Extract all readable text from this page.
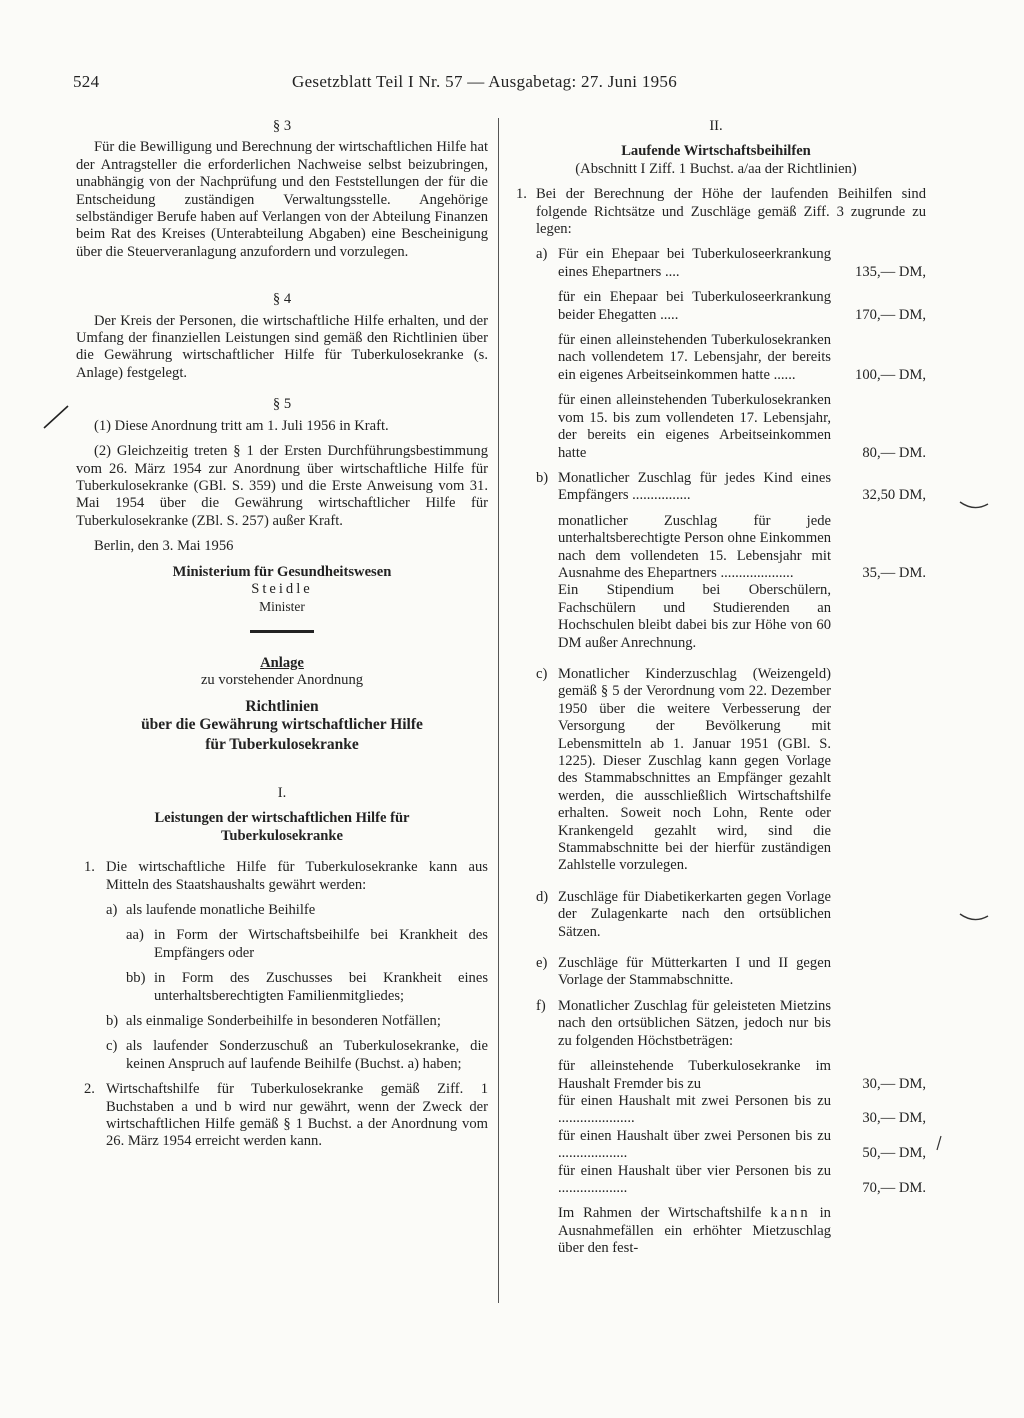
524	Gesetzblatt Teil I Nr. 57 — Ausgabetag: 27. Juni 1956

§ 3

Für die Bewilligung und Berechnung der wirtschaftlichen Hilfe hat der Antragsteller die erforderlichen Nachweise selbst beizubringen, unabhängig von der Nachprüfung und den Feststellungen der für die Entscheidung zuständigen Verwaltungsstelle. Angehörige selbständiger Berufe haben auf Verlangen von der Abteilung Finanzen beim Rat des Kreises (Unterabteilung Abgaben) eine Bescheinigung über die Steuerveranlagung anzufordern und vorzulegen.

§ 4

Der Kreis der Personen, die wirtschaftliche Hilfe erhalten, und der Umfang der finanziellen Leistungen sind gemäß den Richtlinien über die Gewährung wirtschaftlicher Hilfe für Tuberkulosekranke (s. Anlage) festgelegt.

§ 5

(1) Diese Anordnung tritt am 1. Juli 1956 in Kraft.

(2) Gleichzeitig treten § 1 der Ersten Durchführungsbestimmung vom 26. März 1954 zur Anordnung über wirtschaftliche Hilfe für Tuberkulosekranke (GBl. S. 359) und die Erste Anweisung vom 31. Mai 1954 über die Gewährung wirtschaftlicher Hilfe für Tuberkulosekranke (ZBl. S. 257) außer Kraft.

Berlin, den 3. Mai 1956

Ministerium für Gesundheitswesen

Steidle

Minister

Anlage

zu vorstehender Anordnung

Richtlinien

über die Gewährung wirtschaftlicher Hilfe

für Tuberkulosekranke

I.

Leistungen der wirtschaftlichen Hilfe für

Tuberkulosekranke

1. Die wirtschaftliche Hilfe für Tuberkulosekranke kann aus Mitteln des Staatshaushalts gewährt werden:
a) als laufende monatliche Beihilfe
aa) in Form der Wirtschaftsbeihilfe bei Krankheit des Empfängers oder
bb) in Form des Zuschusses bei Krankheit eines unterhaltsberechtigten Familienmitgliedes;
b) als einmalige Sonderbeihilfe in besonderen Notfällen;
c) als laufender Sonderzuschuß an Tuberkulosekranke, die keinen Anspruch auf laufende Beihilfe (Buchst. a) haben;
2. Wirtschaftshilfe für Tuberkulosekranke gemäß Ziff. 1 Buchstaben a und b wird nur gewährt, wenn der Zweck der wirtschaftlichen Hilfe gemäß § 1 Buchst. a der Anordnung vom 26. März 1954 erreicht werden kann.

II.

Laufende Wirtschaftsbeihilfen

(Abschnitt I Ziff. 1 Buchst. a/aa der Richtlinien)

1. Bei der Berechnung der Höhe der laufenden Beihilfen sind folgende Richtsätze und Zuschläge gemäß Ziff. 3 zugrunde zu legen:
a) Für ein Ehepaar bei Tuberkuloseerkrankung eines Ehepartners ....	135,— DM,
für ein Ehepaar bei Tuberkuloseerkrankung beider Ehegatten .....	170,— DM,
für einen alleinstehenden Tuberkulosekranken nach vollendetem 17. Lebensjahr, der bereits ein eigenes Arbeitseinkommen hatte ......	100,— DM,
für einen alleinstehenden Tuberkulosekranken vom 15. bis zum vollendeten 17. Lebensjahr, der bereits ein eigenes Arbeitseinkommen hatte	80,— DM.
b) Monatlicher Zuschlag für jedes Kind eines Empfängers ................	32,50 DM,
monatlicher Zuschlag für jede unterhaltsberechtigte Person ohne Einkommen nach dem vollendeten 15. Lebensjahr mit Ausnahme des Ehepartners ....................	35,— DM.
Ein Stipendium bei Oberschülern, Fachschülern und Studierenden an Hochschulen bleibt dabei bis zur Höhe von 60 DM außer Anrechnung.
c) Monatlicher Kinderzuschlag (Weizengeld) gemäß § 5 der Verordnung vom 22. Dezember 1950 über die weitere Verbesserung der Versorgung der Bevölkerung mit Lebensmitteln ab 1. Januar 1951 (GBl. S. 1225). Dieser Zuschlag kann gegen Vorlage des Stammabschnittes an Empfänger gezahlt werden, die ausschließlich Wirtschaftshilfe erhalten. Soweit noch Lohn, Rente oder Krankengeld gezahlt wird, sind die Stammabschnitte bei der hierfür zuständigen Zahlstelle vorzulegen.
d) Zuschläge für Diabetikerkarten gegen Vorlage der Zulagenkarte nach den ortsüblichen Sätzen.
e) Zuschläge für Mütterkarten I und II gegen Vorlage der Stammabschnitte.
f) Monatlicher Zuschlag für geleisteten Mietzins nach den ortsüblichen Sätzen, jedoch nur bis zu folgenden Höchstbeträgen:
für alleinstehende Tuberkulosekranke im Haushalt Fremder bis zu	30,— DM,
für einen Haushalt mit zwei Personen bis zu .....................	30,— DM,
für einen Haushalt über zwei Personen bis zu ...................	50,— DM,
für einen Haushalt über vier Personen bis zu ...................	70,— DM.
Im Rahmen der Wirtschaftshilfe kann in Ausnahmefällen ein erhöhter Mietzuschlag über den fest-
